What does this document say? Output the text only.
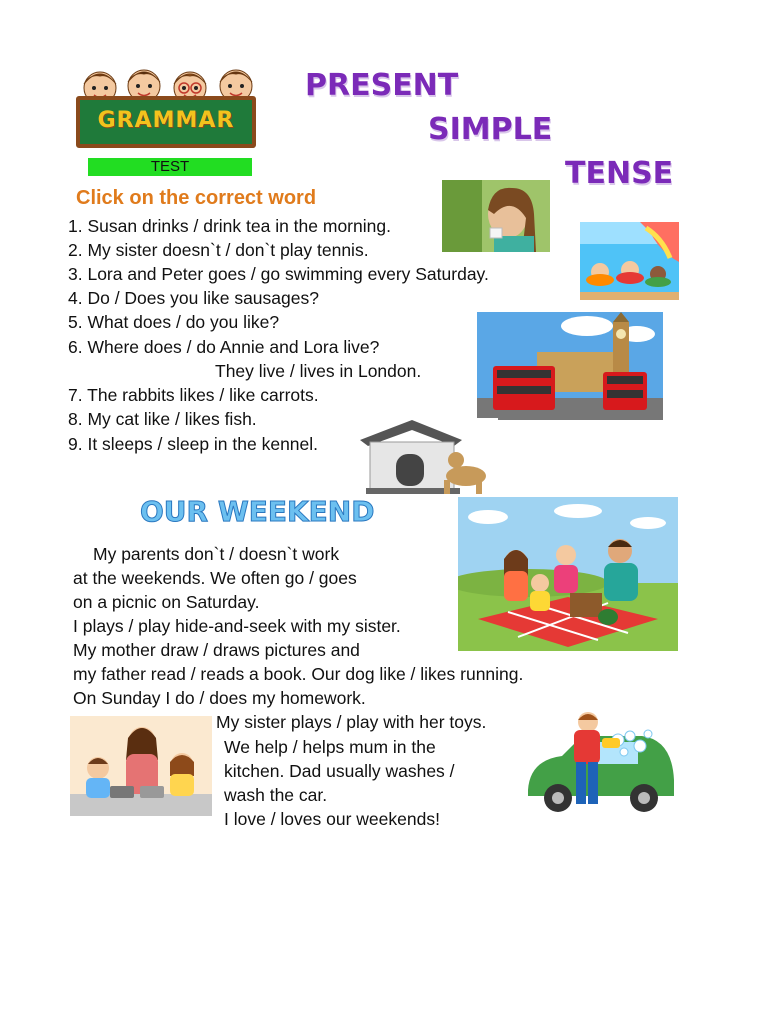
GRAMMAR
TEST
PRESENT
SIMPLE
TENSE
Click on the correct word
1. Susan drinks / drink tea in the morning.
2. My sister doesn`t / don`t play tennis.
3. Lora and Peter goes / go swimming every Saturday.
4. Do / Does you like sausages?
5. What does / do you like?
6. Where does / do Annie and Lora live?
They live / lives in London.
7. The rabbits likes / like carrots.
8. My cat like / likes fish.
9. It sleeps / sleep in the kennel.
OUR WEEKEND
My parents don`t / doesn`t work
at the weekends. We often go / goes
on a picnic on Saturday.
I plays / play hide-and-seek with my sister.
My mother draw / draws pictures and
my father read / reads a book. Our dog like / likes running.
On Sunday I do / does my homework.
My sister plays / play with her toys.
We help / helps mum in the
kitchen. Dad usually washes /
wash the car.
I love / loves our weekends!
